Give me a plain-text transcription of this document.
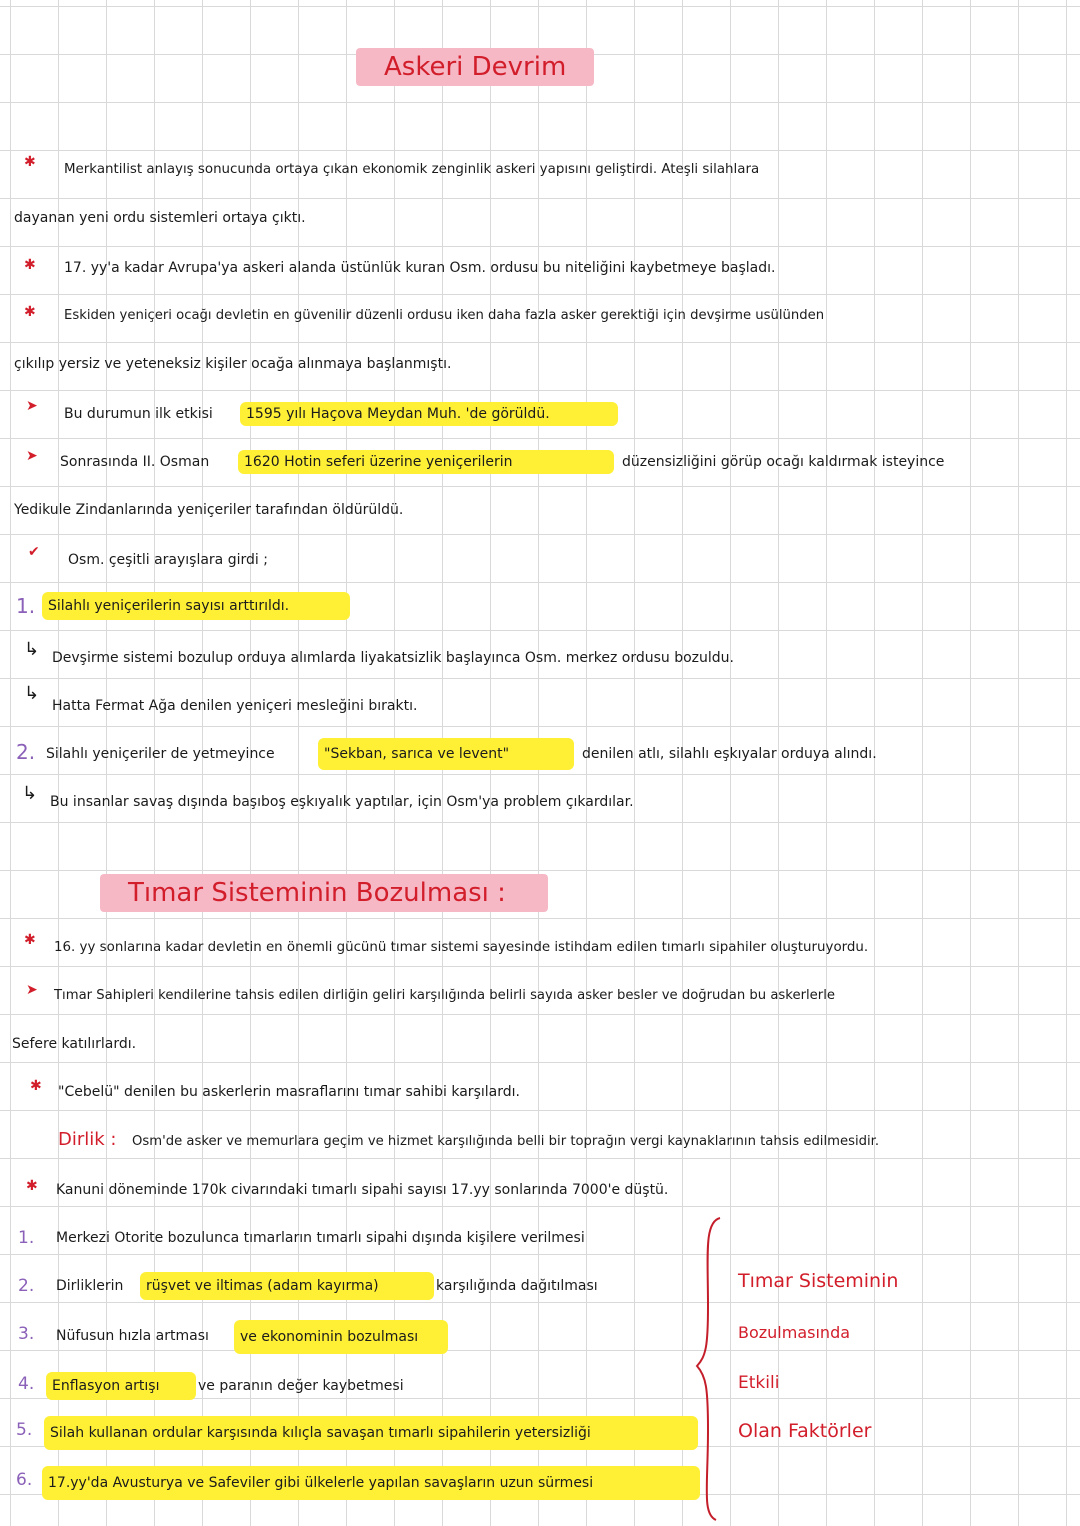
Askeri Devrim
✱ Merkantilist anlayış sonucunda ortaya çıkan ekonomik zenginlik askeri yapısını geliştirdi. Ateşli silahlara
dayanan yeni ordu sistemleri ortaya çıktı.
✱ 17. yy'a kadar Avrupa'ya askeri alanda üstünlük kuran Osm. ordusu bu niteliğini kaybetmeye başladı.
✱ Eskiden yeniçeri ocağı devletin en güvenilir düzenli ordusu iken daha fazla asker gerektiği için devşirme usülünden
çıkılıp yersiz ve yeteneksiz kişiler ocağa alınmaya başlanmıştı.
➤ Bu durumun ilk etkisi	1595 yılı Haçova Meydan Muh. 'de görüldü.
➤ Sonrasında II. Osman	1620 Hotin seferi üzerine yeniçerilerin	düzensizliğini görüp ocağı kaldırmak isteyince
Yedikule Zindanlarında yeniçeriler tarafından öldürüldü.
✔ Osm. çeşitli arayışlara girdi ;
1. Silahlı yeniçerilerin sayısı arttırıldı.
↳ Devşirme sistemi bozulup orduya alımlarda liyakatsizlik başlayınca Osm. merkez ordusu bozuldu.
↳
Hatta Fermat Ağa denilen yeniçeri mesleğini bıraktı.
2. Silahlı yeniçeriler de yetmeyince	"Sekban, sarıca ve levent"	denilen atlı, silahlı eşkıyalar orduya alındı.
↳ Bu insanlar savaş dışında başıboş eşkıyalık yaptılar, için Osm'ya problem çıkardılar.
Tımar Sisteminin Bozulması :
✱ 16. yy sonlarına kadar devletin en önemli gücünü tımar sistemi sayesinde istihdam edilen tımarlı sipahiler oluşturuyordu.
➤ Tımar Sahipleri kendilerine tahsis edilen dirliğin geliri karşılığında belirli sayıda asker besler ve doğrudan bu askerlerle
Sefere katılırlardı.
✱ "Cebelü" denilen bu askerlerin masraflarını tımar sahibi karşılardı.
Dirlik : Osm'de asker ve memurlara geçim ve hizmet karşılığında belli bir toprağın vergi kaynaklarının tahsis edilmesidir.
✱ Kanuni döneminde 170k civarındaki tımarlı sipahi sayısı 17.yy sonlarında 7000'e düştü.
1. Merkezi Otorite bozulunca tımarların tımarlı sipahi dışında kişilere verilmesi
2. Dirliklerin	rüşvet ve iltimas (adam kayırma)	karşılığında dağıtılması
3. Nüfusun hızla artması	ve ekonominin bozulması
4.	Enflasyon artışı	ve paranın değer kaybetmesi
5.	Silah kullanan ordular karşısında kılıçla savaşan tımarlı sipahilerin yetersizliği
6.	17.yy'da Avusturya ve Safeviler gibi ülkelerle yapılan savaşların uzun sürmesi
Tımar Sisteminin
Bozulmasında
Etkili
Olan Faktörler
